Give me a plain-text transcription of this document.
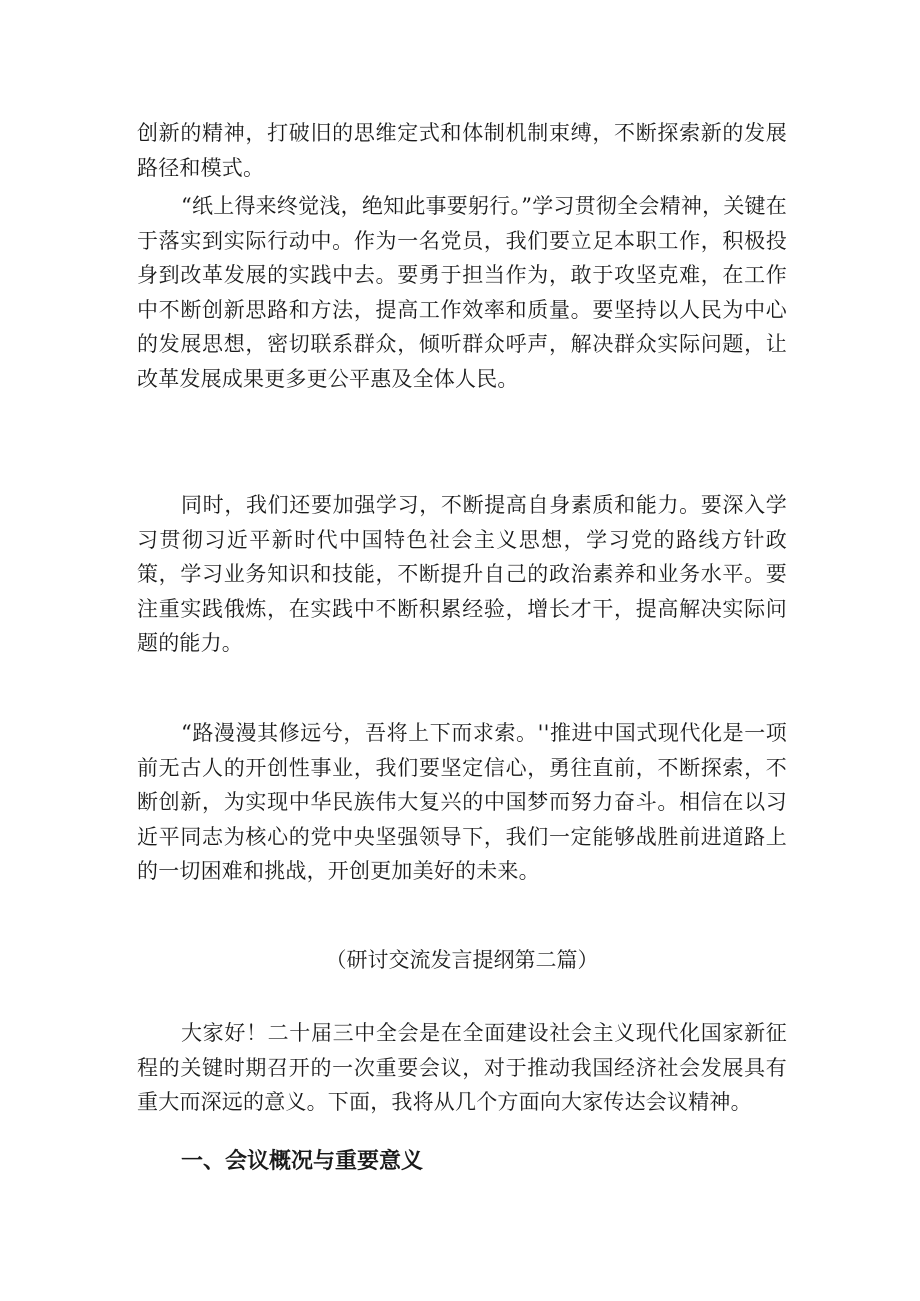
创新的精神，打破旧的思维定式和体制机制束缚，不断探索新的发展路径和模式。

“纸上得来终觉浅，绝知此事要躬行。”学习贯彻全会精神，关键在于落实到实际行动中。作为一名党员，我们要立足本职工作，积极投身到改革发展的实践中去。要勇于担当作为，敢于攻坚克难，在工作中不断创新思路和方法，提高工作效率和质量。要坚持以人民为中心的发展思想，密切联系群众，倾听群众呼声，解决群众实际问题，让改革发展成果更多更公平惠及全体人民。

同时，我们还要加强学习，不断提高自身素质和能力。要深入学习贯彻习近平新时代中国特色社会主义思想，学习党的路线方针政策，学习业务知识和技能，不断提升自己的政治素养和业务水平。要注重实践俄炼，在实践中不断积累经验，增长才干，提高解决实际问题的能力。

“路漫漫其修远兮，吾将上下而求索。''推进中国式现代化是一项前无古人的开创性事业，我们要坚定信心，勇往直前，不断探索，不断创新，为实现中华民族伟大复兴的中国梦而努力奋斗。相信在以习近平同志为核心的党中央坚强领导下，我们一定能够战胜前进道路上的一切困难和挑战，开创更加美好的未来。

（研讨交流发言提纲第二篇）

大家好！二十届三中全会是在全面建设社会主义现代化国家新征程的关键时期召开的一次重要会议，对于推动我国经济社会发展具有重大而深远的意义。下面，我将从几个方面向大家传达会议精神。

一、会议概况与重要意义
